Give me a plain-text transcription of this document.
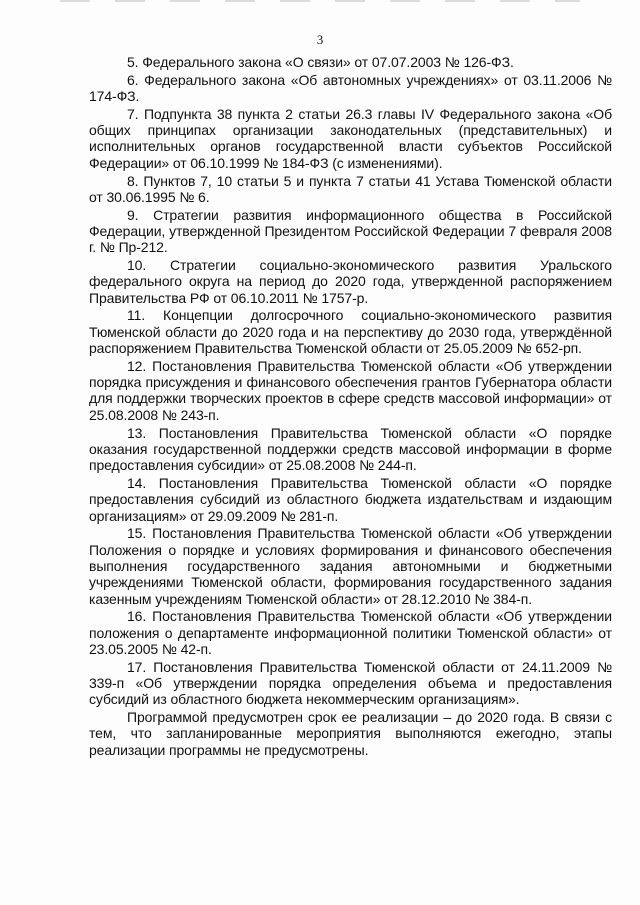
3

5. Федерального закона «О связи» от 07.07.2003 № 126-ФЗ.

6. Федерального закона «Об автономных учреждениях» от 03.11.2006 № 174-ФЗ.

7. Подпункта 38 пункта 2 статьи 26.3 главы IV Федерального закона «Об общих принципах организации законодательных (представительных) и исполнительных органов государственной власти субъектов Российской Федерации» от 06.10.1999 № 184-ФЗ (с изменениями).

8. Пунктов 7, 10 статьи 5 и пункта 7 статьи 41 Устава Тюменской области от 30.06.1995 № 6.

9. Стратегии развития информационного общества в Российской Федерации, утвержденной Президентом Российской Федерации 7 февраля 2008 г. № Пр-212.

10. Стратегии социально-экономического развития Уральского федерального округа на период до 2020 года, утвержденной распоряжением Правительства РФ от 06.10.2011 № 1757-р.

11. Концепции долгосрочного социально-экономического развития Тюменской области до 2020 года и на перспективу до 2030 года, утверждённой распоряжением Правительства Тюменской области от 25.05.2009 № 652-рп.

12. Постановления Правительства Тюменской области «Об утверждении порядка присуждения и финансового обеспечения грантов Губернатора области для поддержки творческих проектов в сфере средств массовой информации» от 25.08.2008 № 243-п.

13. Постановления Правительства Тюменской области «О порядке оказания государственной поддержки средств массовой информации в форме предоставления субсидии» от 25.08.2008 № 244-п.

14. Постановления Правительства Тюменской области «О порядке предоставления субсидий из областного бюджета издательствам и издающим организациям» от 29.09.2009 № 281-п.

15. Постановления Правительства Тюменской области «Об утверждении Положения о порядке и условиях формирования и финансового обеспечения выполнения государственного задания автономными и бюджетными учреждениями Тюменской области, формирования государственного задания казенным учреждениям Тюменской области» от 28.12.2010 № 384-п.

16. Постановления Правительства Тюменской области «Об утверждении положения о департаменте информационной политики Тюменской области» от 23.05.2005 № 42-п.

17. Постановления Правительства Тюменской области от 24.11.2009 № 339-п «Об утверждении порядка определения объема и предоставления субсидий из областного бюджета некоммерческим организациям».

Программой предусмотрен срок ее реализации – до 2020 года. В связи с тем, что запланированные мероприятия выполняются ежегодно, этапы реализации программы не предусмотрены.
